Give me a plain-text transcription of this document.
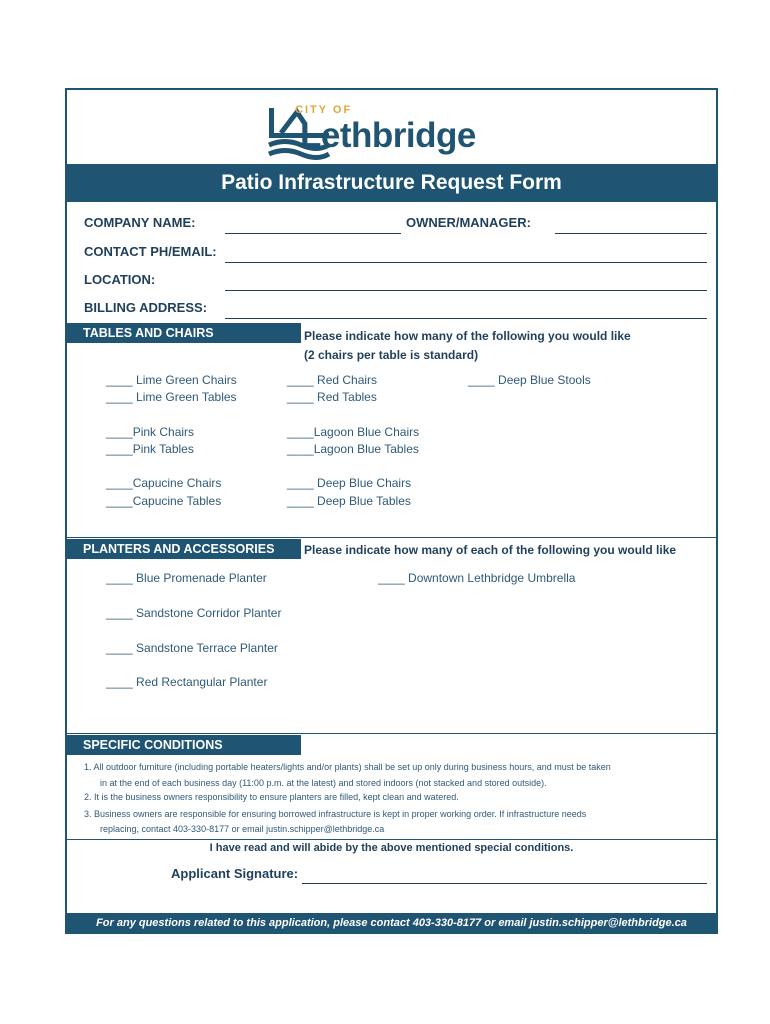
CITY OF
Lethbridge
Patio Infrastructure Request Form
COMPANY NAME:	OWNER/MANAGER:
CONTACT PH/EMAIL:
LOCATION:
BILLING ADDRESS:
TABLES AND CHAIRS	Please indicate how many of the following you would like
(2 chairs per table is standard)
____ Lime Green Chairs
____ Lime Green Tables
____ Red Chairs
____ Red Tables
____ Deep Blue Stools
____Pink Chairs
____Pink Tables
____Lagoon Blue Chairs
____Lagoon Blue Tables
____Capucine Chairs
____Capucine Tables
____ Deep Blue Chairs
____ Deep Blue Tables
PLANTERS AND ACCESSORIES	Please indicate how many of each of the following you would like
____ Blue Promenade Planter	____ Downtown Lethbridge Umbrella
____ Sandstone Corridor Planter
____ Sandstone Terrace Planter
____ Red Rectangular Planter
SPECIFIC CONDITIONS
1. All outdoor furniture (including portable heaters/lights and/or plants) shall be set up only during business hours, and must be taken
in at the end of each business day (11:00 p.m. at the latest) and stored indoors (not stacked and stored outside).
2. It is the business owners responsibility to ensure planters are filled, kept clean and watered.
3. Business owners are responsible for ensuring borrowed infrastructure is kept in proper working order. If infrastructure needs
replacing, contact 403-330-8177 or email justin.schipper@lethbridge.ca
I have read and will abide by the above mentioned special conditions.
Applicant Signature:
For any questions related to this application, please contact 403-330-8177 or email justin.schipper@lethbridge.ca
